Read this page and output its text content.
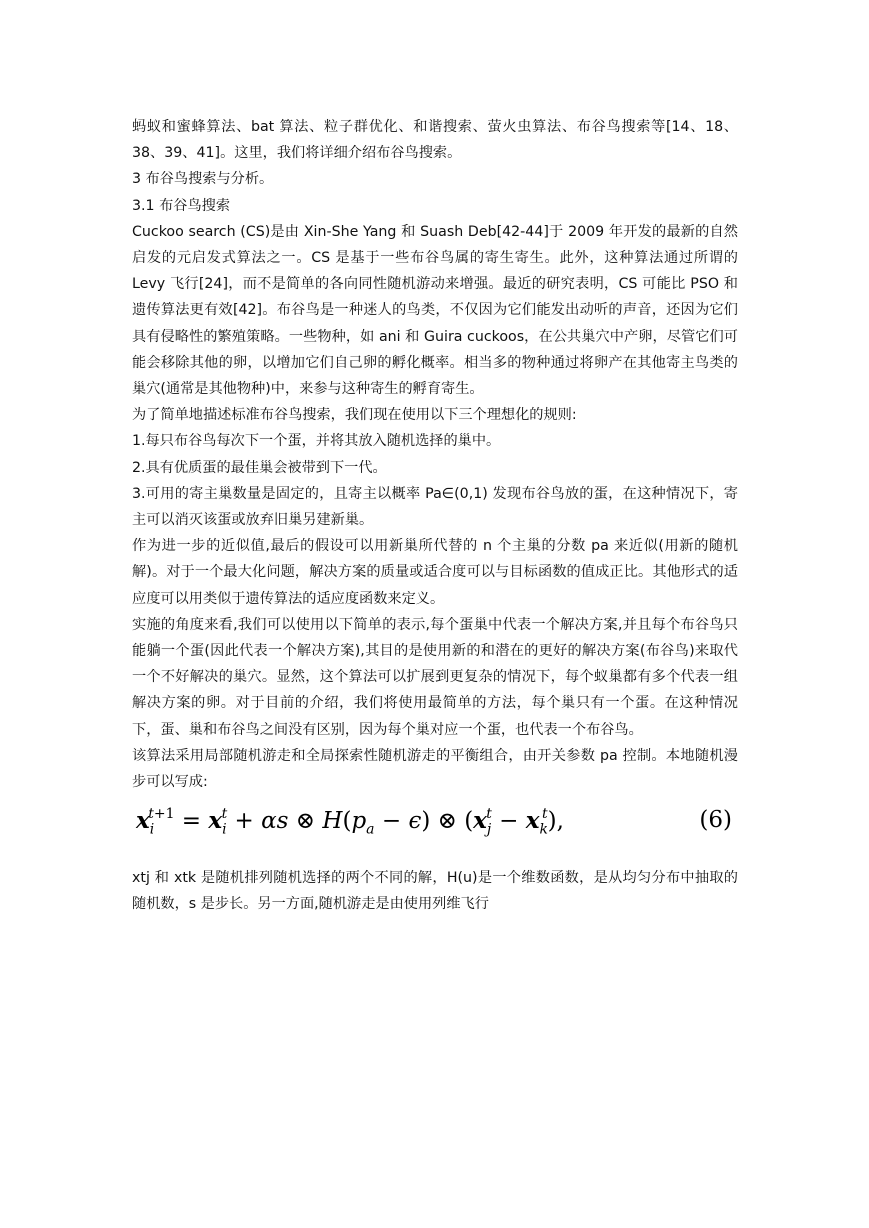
蚂蚁和蜜蜂算法、bat 算法、粒子群优化、和谐搜索、萤火虫算法、布谷鸟搜索等[14、18、38、39、41]。这里，我们将详细介绍布谷鸟搜索。

3 布谷鸟搜索与分析。

3.1 布谷鸟搜索

Cuckoo search (CS)是由 Xin-She Yang 和 Suash Deb[42-44]于 2009 年开发的最新的自然启发的元启发式算法之一。CS 是基于一些布谷鸟属的寄生寄生。此外，这种算法通过所谓的 Levy 飞行[24]，而不是简单的各向同性随机游动来增强。最近的研究表明，CS 可能比 PSO 和遗传算法更有效[42]。布谷鸟是一种迷人的鸟类，不仅因为它们能发出动听的声音，还因为它们具有侵略性的繁殖策略。一些物种，如 ani 和 Guira cuckoos，在公共巢穴中产卵，尽管它们可能会移除其他的卵，以增加它们自己卵的孵化概率。相当多的物种通过将卵产在其他寄主鸟类的巢穴(通常是其他物种)中，来参与这种寄生的孵育寄生。

为了简单地描述标准布谷鸟搜索，我们现在使用以下三个理想化的规则:

1.每只布谷鸟每次下一个蛋，并将其放入随机选择的巢中。

2.具有优质蛋的最佳巢会被带到下一代。

3.可用的寄主巢数量是固定的，且寄主以概率 Pa∈(0,1) 发现布谷鸟放的蛋，在这种情况下，寄主可以消灭该蛋或放弃旧巢另建新巢。

作为进一步的近似值,最后的假设可以用新巢所代替的 n 个主巢的分数 pa 来近似(用新的随机解)。对于一个最大化问题，解决方案的质量或适合度可以与目标函数的值成正比。其他形式的适应度可以用类似于遗传算法的适应度函数来定义。

实施的角度来看,我们可以使用以下简单的表示,每个蛋巢中代表一个解决方案,并且每个布谷鸟只能躺一个蛋(因此代表一个解决方案),其目的是使用新的和潜在的更好的解决方案(布谷鸟)来取代一个不好解决的巢穴。显然，这个算法可以扩展到更复杂的情况下，每个蚁巢都有多个代表一组解决方案的卵。对于目前的介绍，我们将使用最简单的方法，每个巢只有一个蛋。在这种情况下，蛋、巢和布谷鸟之间没有区别，因为每个巢对应一个蛋，也代表一个布谷鸟。

该算法采用局部随机游走和全局探索性随机游走的平衡组合，由开关参数 pa 控制。本地随机漫步可以写成:

$x_i^{t+1} = x_i^t + \alpha s$ ⊗ $H(p_a - \epsilon)$ ⊗ $(x_j^t - x_k^t)$,	(6)

xtj 和 xtk 是随机排列随机选择的两个不同的解，H(u)是一个维数函数，是从均匀分布中抽取的随机数，s 是步长。另一方面,随机游走是由使用列维飞行
